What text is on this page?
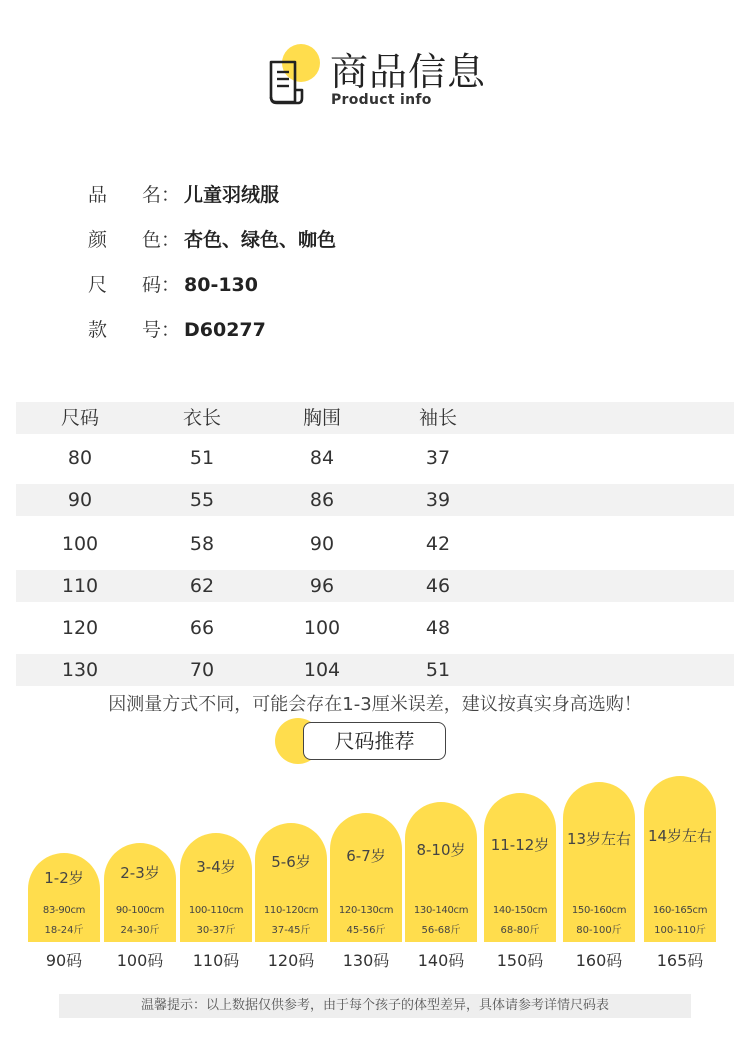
商品信息
Product info
品 名： 儿童羽绒服
颜 色： 杏色、绿色、咖色
尺 码： 80-130
款 号： D60277
尺码	衣长	胸围	袖长
80	51	84	37
90	55	86	39
100	58	90	42
110	62	96	46
120	66	100	48
130	70	104	51
因测量方式不同，可能会存在1-3厘米误差，建议按真实身高选购！
尺码推荐
1-2岁
83-90cm
18-24斤
90码
2-3岁
90-100cm
24-30斤
100码
3-4岁
100-110cm
30-37斤
110码
5-6岁
110-120cm
37-45斤
120码
6-7岁
120-130cm
45-56斤
130码
8-10岁
130-140cm
56-68斤
140码
11-12岁
140-150cm
68-80斤
150码
13岁左右
150-160cm
80-100斤
160码
14岁左右
160-165cm
100-110斤
165码
温馨提示：以上数据仅供参考，由于每个孩子的体型差异，具体请参考详情尺码表
